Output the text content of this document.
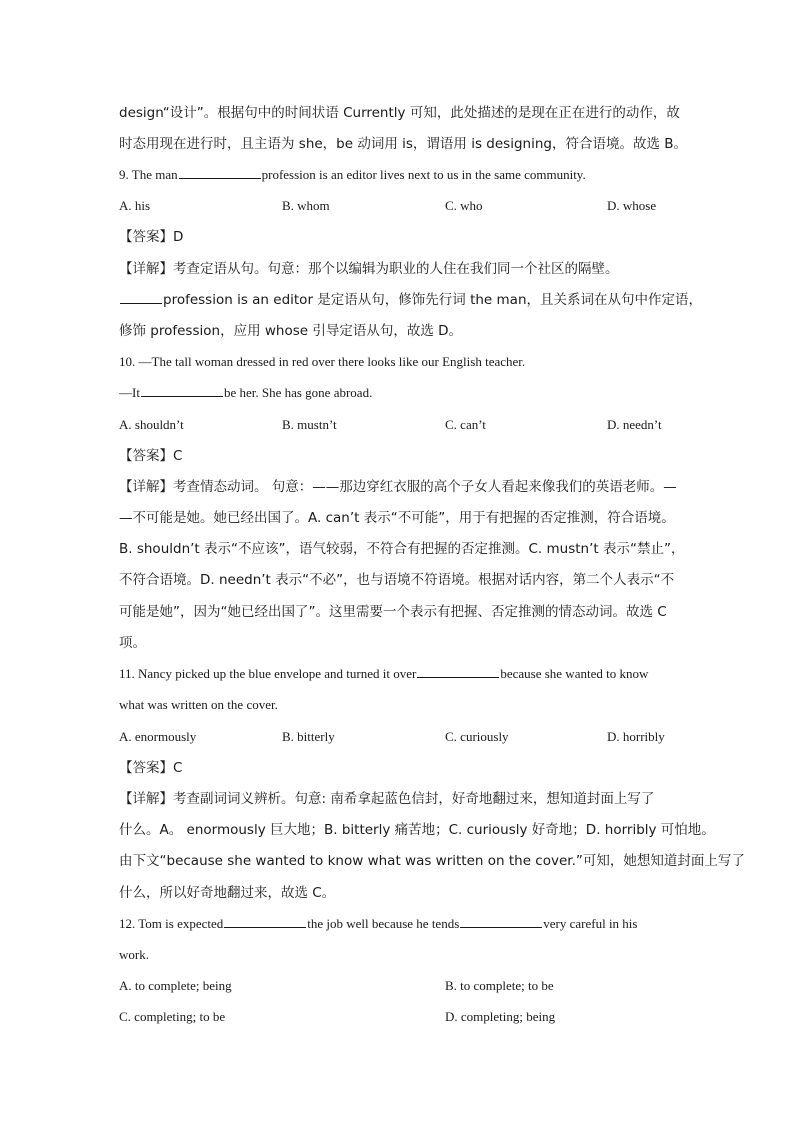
design“设计”。根据句中的时间状语 Currently 可知，此处描述的是现在正在进行的动作，故
时态用现在进行时，且主语为 she，be 动词用 is，谓语用 is designing，符合语境。故选 B。
9. The man	profession is an editor lives next to us in the same community.
A. his	B. whom	C. who	D. whose
【答案】D
【详解】考查定语从句。句意：那个以编辑为职业的人住在我们同一个社区的隔壁。
profession is an editor 是定语从句，修饰先行词 the man，且关系词在从句中作定语，
修饰 profession，应用 whose 引导定语从句，故选 D。
10. —The tall woman dressed in red over there looks like our English teacher.
—It	be her. She has gone abroad.
A. shouldn’t	B. mustn’t	C. can’t	D. needn’t
【答案】C
【详解】考查情态动词。 句意：——那边穿红衣服的高个子女人看起来像我们的英语老师。—
—不可能是她。她已经出国了。A. can’t 表示“不可能”，用于有把握的否定推测，符合语境。
B. shouldn’t 表示“不应该”，语气较弱，不符合有把握的否定推测。C. mustn’t 表示“禁止”，
不符合语境。D. needn’t 表示“不必”，也与语境不符语境。根据对话内容，第二个人表示“不
可能是她”，因为“她已经出国了”。这里需要一个表示有把握、否定推测的情态动词。故选 C
项。
11. Nancy picked up the blue envelope and turned it over	because she wanted to know
what was written on the cover.
A. enormously	B. bitterly	C. curiously	D. horribly
【答案】C
【详解】考查副词词义辨析。句意: 南希拿起蓝色信封，好奇地翻过来，想知道封面上写了
什么。A。 enormously 巨大地；B. bitterly 痛苦地；C. curiously 好奇地；D. horribly 可怕地。
由下文“because she wanted to know what was written on the cover.”可知，她想知道封面上写了
什么，所以好奇地翻过来，故选 C。
12. Tom is expected	the job well because he tends	very careful in his
work.
A. to complete; being	B. to complete; to be
C. completing; to be	D. completing; being
